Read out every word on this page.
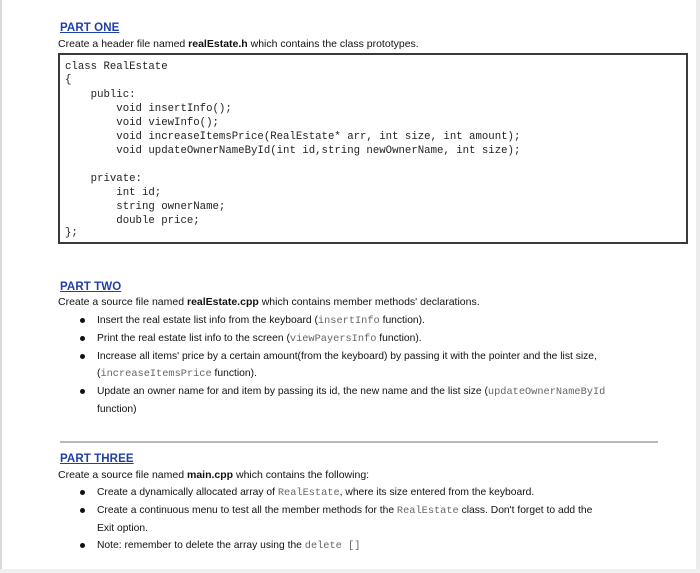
PART ONE
Create a header file named realEstate.h which contains the class prototypes.
class RealEstate
{
public:
void insertInfo();
void viewInfo();
void increaseItemsPrice(RealEstate* arr, int size, int amount);
void updateOwnerNameById(int id,string newOwnerName, int size);
private:
int id;
string ownerName;
double price;
};
PART TWO
Create a source file named realEstate.cpp which contains member methods' declarations.
Insert the real estate list info from the keyboard (insertInfo function).
Print the real estate list info to the screen (viewPayersInfo function).
Increase all items' price by a certain amount(from the keyboard) by passing it with the pointer and the list size,
(increaseItemsPrice function).
Update an owner name for and item by passing its id, the new name and the list size (updateOwnerNameById
function)
PART THREE
Create a source file named main.cpp which contains the following:
Create a dynamically allocated array of RealEstate, where its size entered from the keyboard.
Create a continuous menu to test all the member methods for the RealEstate class. Don't forget to add the
Exit option.
Note: remember to delete the array using the delete []
